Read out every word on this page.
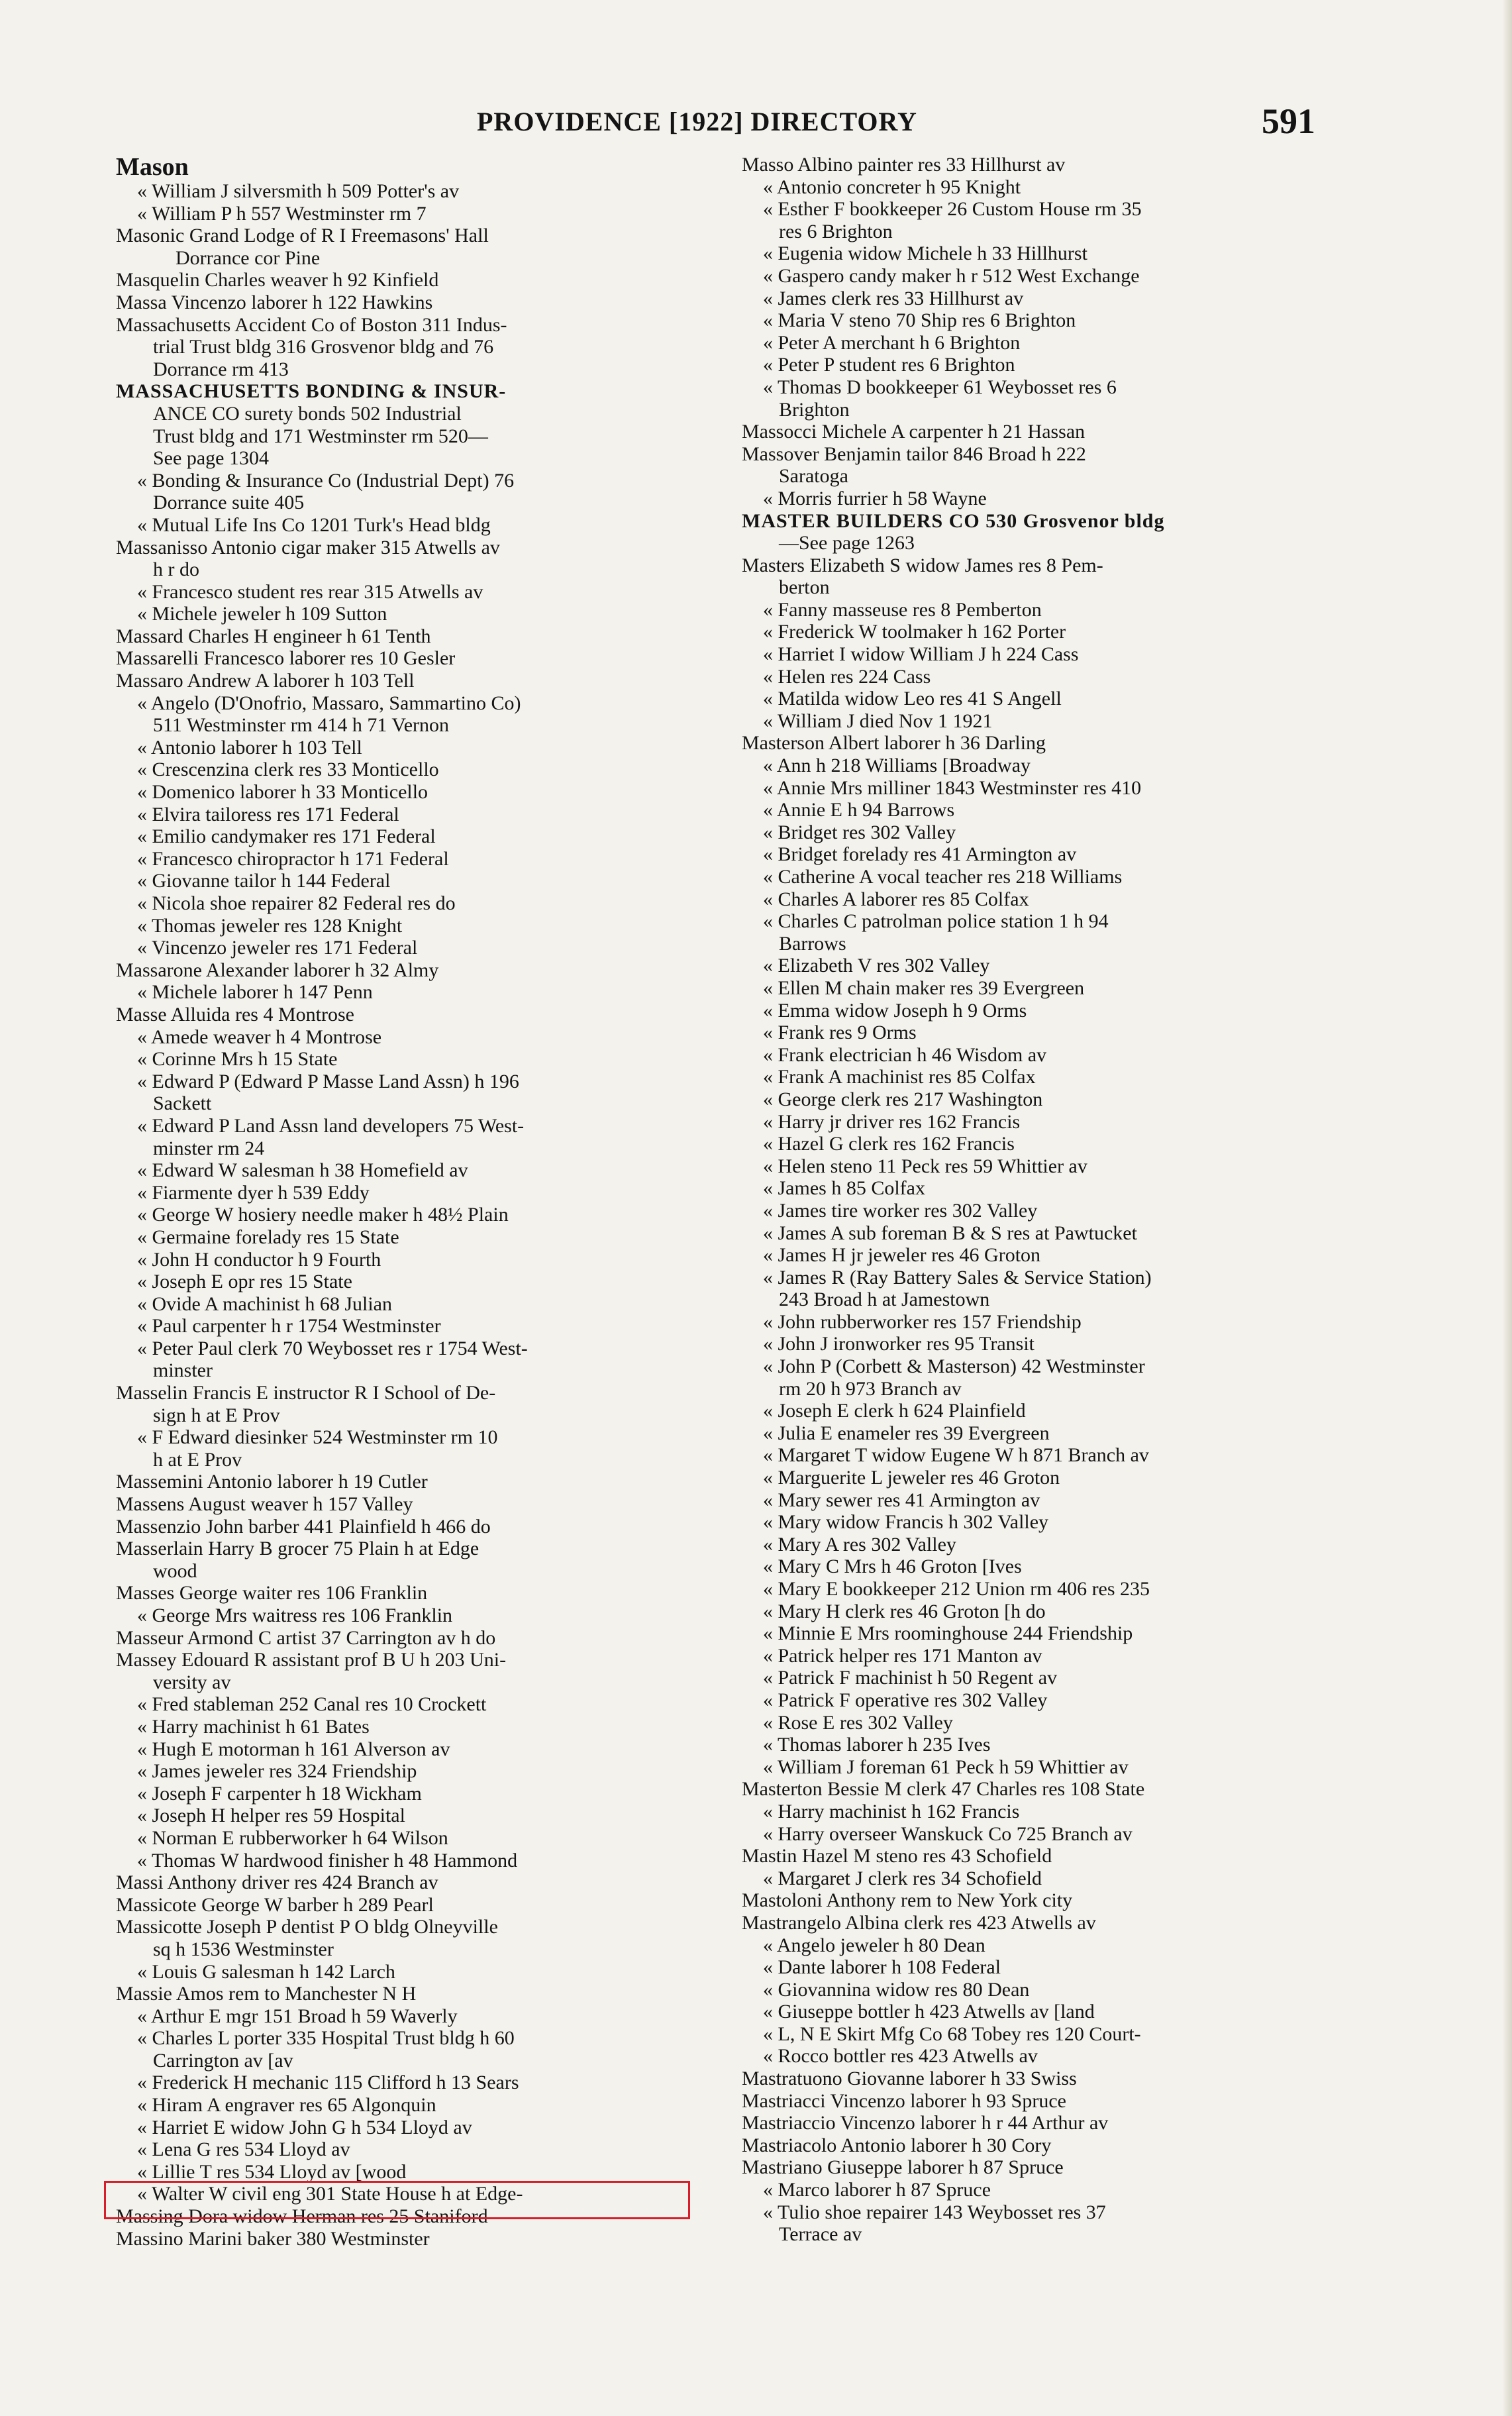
PROVIDENCE [1922] DIRECTORY	591
Mason
« William J silversmith h 509 Potter's av
« William P h 557 Westminster rm 7
Masonic Grand Lodge of R I Freemasons' Hall
Dorrance cor Pine
Masquelin Charles weaver h 92 Kinfield
Massa Vincenzo laborer h 122 Hawkins
Massachusetts Accident Co of Boston 311 Indus-
trial Trust bldg 316 Grosvenor bldg and 76
Dorrance rm 413
MASSACHUSETTS BONDING & INSUR-
ANCE CO surety bonds 502 Industrial
Trust bldg and 171 Westminster rm 520—
See page 1304
« Bonding & Insurance Co (Industrial Dept) 76
Dorrance suite 405
« Mutual Life Ins Co 1201 Turk's Head bldg
Massanisso Antonio cigar maker 315 Atwells av
h r do
« Francesco student res rear 315 Atwells av
« Michele jeweler h 109 Sutton
Massard Charles H engineer h 61 Tenth
Massarelli Francesco laborer res 10 Gesler
Massaro Andrew A laborer h 103 Tell
« Angelo (D'Onofrio, Massaro, Sammartino Co)
511 Westminster rm 414 h 71 Vernon
« Antonio laborer h 103 Tell
« Crescenzina clerk res 33 Monticello
« Domenico laborer h 33 Monticello
« Elvira tailoress res 171 Federal
« Emilio candymaker res 171 Federal
« Francesco chiropractor h 171 Federal
« Giovanne tailor h 144 Federal
« Nicola shoe repairer 82 Federal res do
« Thomas jeweler res 128 Knight
« Vincenzo jeweler res 171 Federal
Massarone Alexander laborer h 32 Almy
« Michele laborer h 147 Penn
Masse Alluida res 4 Montrose
« Amede weaver h 4 Montrose
« Corinne Mrs h 15 State
« Edward P (Edward P Masse Land Assn) h 196
Sackett
« Edward P Land Assn land developers 75 West-
minster rm 24
« Edward W salesman h 38 Homefield av
« Fiarmente dyer h 539 Eddy
« George W hosiery needle maker h 48½ Plain
« Germaine forelady res 15 State
« John H conductor h 9 Fourth
« Joseph E opr res 15 State
« Ovide A machinist h 68 Julian
« Paul carpenter h r 1754 Westminster
« Peter Paul clerk 70 Weybosset res r 1754 West-
minster
Masselin Francis E instructor R I School of De-
sign h at E Prov
« F Edward diesinker 524 Westminster rm 10
h at E Prov
Massemini Antonio laborer h 19 Cutler
Massens August weaver h 157 Valley
Massenzio John barber 441 Plainfield h 466 do
Masserlain Harry B grocer 75 Plain h at Edge
wood
Masses George waiter res 106 Franklin
« George Mrs waitress res 106 Franklin
Masseur Armond C artist 37 Carrington av h do
Massey Edouard R assistant prof B U h 203 Uni-
versity av
« Fred stableman 252 Canal res 10 Crockett
« Harry machinist h 61 Bates
« Hugh E motorman h 161 Alverson av
« James jeweler res 324 Friendship
« Joseph F carpenter h 18 Wickham
« Joseph H helper res 59 Hospital
« Norman E rubberworker h 64 Wilson
« Thomas W hardwood finisher h 48 Hammond
Massi Anthony driver res 424 Branch av
Massicote George W barber h 289 Pearl
Massicotte Joseph P dentist P O bldg Olneyville
sq h 1536 Westminster
« Louis G salesman h 142 Larch
Massie Amos rem to Manchester N H
« Arthur E mgr 151 Broad h 59 Waverly
« Charles L porter 335 Hospital Trust bldg h 60
Carrington av [av
« Frederick H mechanic 115 Clifford h 13 Sears
« Hiram A engraver res 65 Algonquin
« Harriet E widow John G h 534 Lloyd av
« Lena G res 534 Lloyd av
« Lillie T res 534 Lloyd av [wood
« Walter W civil eng 301 State House h at Edge-
Massing Dora widow Herman res 25 Staniford
Massino Marini baker 380 Westminster
Masso Albino painter res 33 Hillhurst av
« Antonio concreter h 95 Knight
« Esther F bookkeeper 26 Custom House rm 35
res 6 Brighton
« Eugenia widow Michele h 33 Hillhurst
« Gaspero candy maker h r 512 West Exchange
« James clerk res 33 Hillhurst av
« Maria V steno 70 Ship res 6 Brighton
« Peter A merchant h 6 Brighton
« Peter P student res 6 Brighton
« Thomas D bookkeeper 61 Weybosset res 6
Brighton
Massocci Michele A carpenter h 21 Hassan
Massover Benjamin tailor 846 Broad h 222
Saratoga
« Morris furrier h 58 Wayne
MASTER BUILDERS CO 530 Grosvenor bldg
—See page 1263
Masters Elizabeth S widow James res 8 Pem-
berton
« Fanny masseuse res 8 Pemberton
« Frederick W toolmaker h 162 Porter
« Harriet I widow William J h 224 Cass
« Helen res 224 Cass
« Matilda widow Leo res 41 S Angell
« William J died Nov 1 1921
Masterson Albert laborer h 36 Darling
« Ann h 218 Williams [Broadway
« Annie Mrs milliner 1843 Westminster res 410
« Annie E h 94 Barrows
« Bridget res 302 Valley
« Bridget forelady res 41 Armington av
« Catherine A vocal teacher res 218 Williams
« Charles A laborer res 85 Colfax
« Charles C patrolman police station 1 h 94
Barrows
« Elizabeth V res 302 Valley
« Ellen M chain maker res 39 Evergreen
« Emma widow Joseph h 9 Orms
« Frank res 9 Orms
« Frank electrician h 46 Wisdom av
« Frank A machinist res 85 Colfax
« George clerk res 217 Washington
« Harry jr driver res 162 Francis
« Hazel G clerk res 162 Francis
« Helen steno 11 Peck res 59 Whittier av
« James h 85 Colfax
« James tire worker res 302 Valley
« James A sub foreman B & S res at Pawtucket
« James H jr jeweler res 46 Groton
« James R (Ray Battery Sales & Service Station)
243 Broad h at Jamestown
« John rubberworker res 157 Friendship
« John J ironworker res 95 Transit
« John P (Corbett & Masterson) 42 Westminster
rm 20 h 973 Branch av
« Joseph E clerk h 624 Plainfield
« Julia E enameler res 39 Evergreen
« Margaret T widow Eugene W h 871 Branch av
« Marguerite L jeweler res 46 Groton
« Mary sewer res 41 Armington av
« Mary widow Francis h 302 Valley
« Mary A res 302 Valley
« Mary C Mrs h 46 Groton [Ives
« Mary E bookkeeper 212 Union rm 406 res 235
« Mary H clerk res 46 Groton [h do
« Minnie E Mrs roominghouse 244 Friendship
« Patrick helper res 171 Manton av
« Patrick F machinist h 50 Regent av
« Patrick F operative res 302 Valley
« Rose E res 302 Valley
« Thomas laborer h 235 Ives
« William J foreman 61 Peck h 59 Whittier av
Masterton Bessie M clerk 47 Charles res 108 State
« Harry machinist h 162 Francis
« Harry overseer Wanskuck Co 725 Branch av
Mastin Hazel M steno res 43 Schofield
« Margaret J clerk res 34 Schofield
Mastoloni Anthony rem to New York city
Mastrangelo Albina clerk res 423 Atwells av
« Angelo jeweler h 80 Dean
« Dante laborer h 108 Federal
« Giovannina widow res 80 Dean
« Giuseppe bottler h 423 Atwells av [land
« L, N E Skirt Mfg Co 68 Tobey res 120 Court-
« Rocco bottler res 423 Atwells av
Mastratuono Giovanne laborer h 33 Swiss
Mastriacci Vincenzo laborer h 93 Spruce
Mastriaccio Vincenzo laborer h r 44 Arthur av
Mastriacolo Antonio laborer h 30 Cory
Mastriano Giuseppe laborer h 87 Spruce
« Marco laborer h 87 Spruce
« Tulio shoe repairer 143 Weybosset res 37
Terrace av
